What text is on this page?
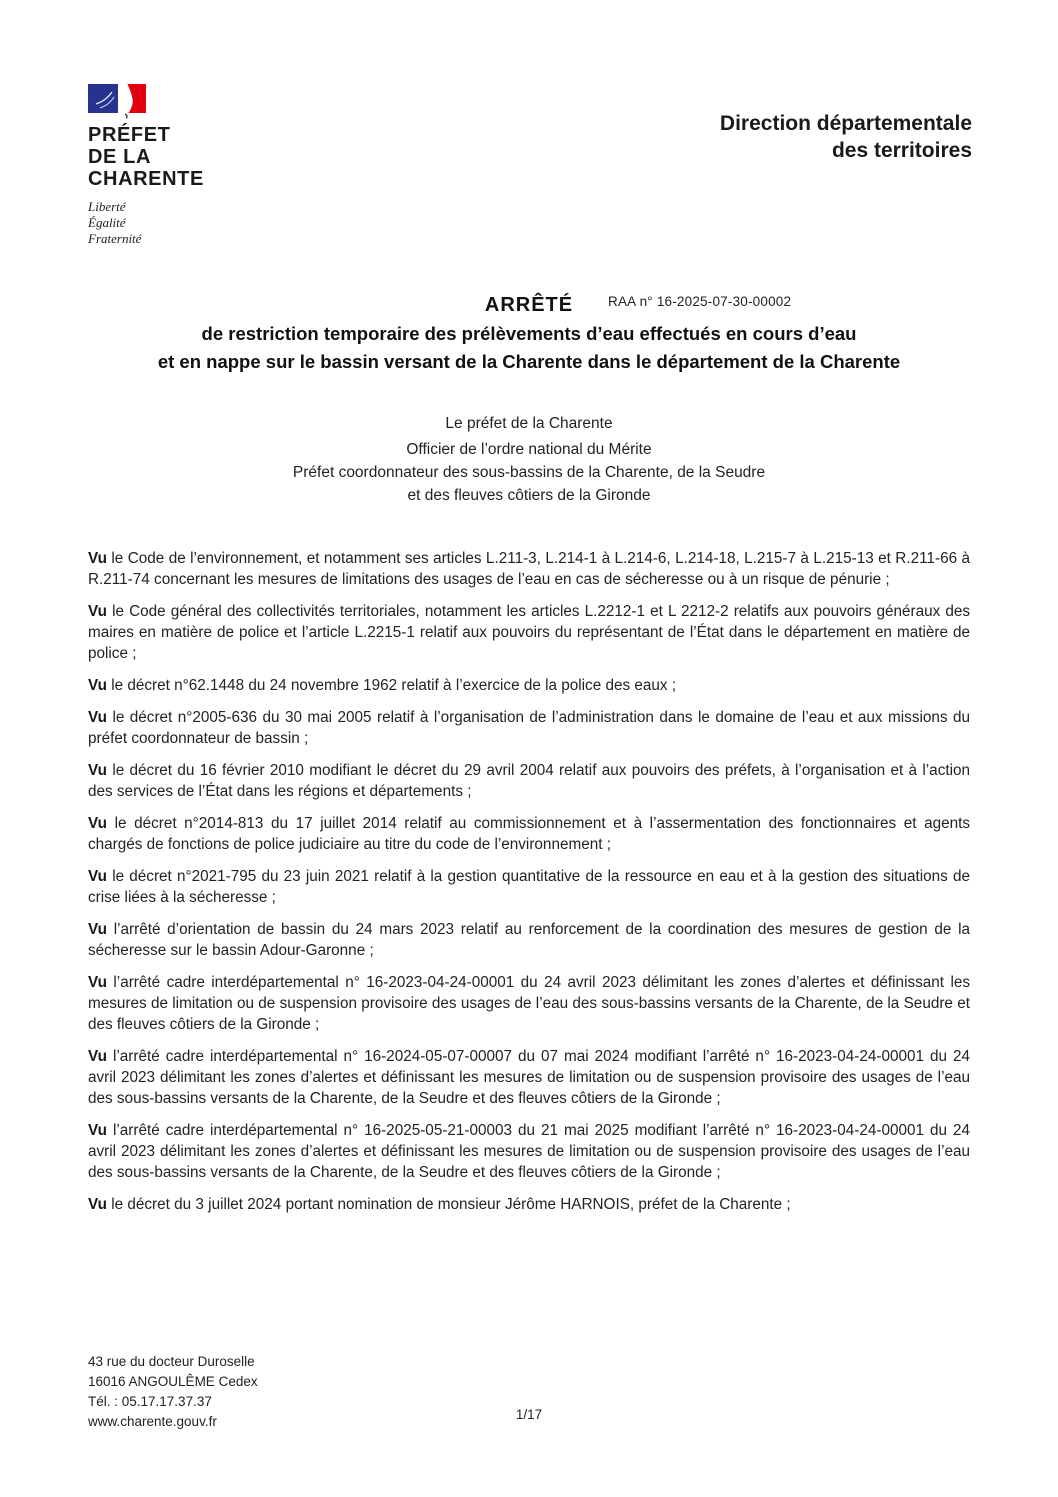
PRÉFET
DE LA
CHARENTE
Liberté
Égalité
Fraternité
Direction départementale
des territoires
ARRÊTÉ	RAA n° 16-2025-07-30-00002

de restriction temporaire des prélèvements d’eau effectués en cours d’eau

et en nappe sur le bassin versant de la Charente dans le département de la Charente

Le préfet de la Charente

Officier de l’ordre national du Mérite

Préfet coordonnateur des sous-bassins de la Charente, de la Seudre

et des fleuves côtiers de la Gironde

Vu le Code de l’environnement, et notamment ses articles L.211-3, L.214-1 à L.214-6, L.214-18, L.215-7 à L.215-13 et R.211-66 à R.211-74 concernant les mesures de limitations des usages de l’eau en cas de sécheresse ou à un risque de pénurie ;

Vu le Code général des collectivités territoriales, notamment les articles L.2212-1 et L 2212-2 relatifs aux pouvoirs généraux des maires en matière de police et l’article L.2215-1 relatif aux pouvoirs du représentant de l’État dans le département en matière de police ;

Vu le décret n°62.1448 du 24 novembre 1962 relatif à l’exercice de la police des eaux ;

Vu le décret n°2005-636 du 30 mai 2005 relatif à l’organisation de l’administration dans le domaine de l’eau et aux missions du préfet coordonnateur de bassin ;

Vu le décret du 16 février 2010 modifiant le décret du 29 avril 2004 relatif aux pouvoirs des préfets, à l’organisation et à l’action des services de l’État dans les régions et départements ;

Vu le décret n°2014-813 du 17 juillet 2014 relatif au commissionnement et à l’assermentation des fonctionnaires et agents chargés de fonctions de police judiciaire au titre du code de l’environnement ;

Vu le décret n°2021-795 du 23 juin 2021 relatif à la gestion quantitative de la ressource en eau et à la gestion des situations de crise liées à la sécheresse ;

Vu l’arrêté d’orientation de bassin du 24 mars 2023 relatif au renforcement de la coordination des mesures de gestion de la sécheresse sur le bassin Adour-Garonne ;

Vu l’arrêté cadre interdépartemental n° 16-2023-04-24-00001 du 24 avril 2023 délimitant les zones d’alertes et définissant les mesures de limitation ou de suspension provisoire des usages de l’eau des sous-bassins versants de la Charente, de la Seudre et des fleuves côtiers de la Gironde ;

Vu l’arrêté cadre interdépartemental n° 16-2024-05-07-00007 du 07 mai 2024 modifiant l’arrêté n° 16-2023-04-24-00001 du 24 avril 2023 délimitant les zones d’alertes et définissant les mesures de limitation ou de suspension provisoire des usages de l’eau des sous-bassins versants de la Charente, de la Seudre et des fleuves côtiers de la Gironde ;

Vu l’arrêté cadre interdépartemental n° 16-2025-05-21-00003 du 21 mai 2025 modifiant l’arrêté n° 16-2023-04-24-00001 du 24 avril 2023 délimitant les zones d’alertes et définissant les mesures de limitation ou de suspension provisoire des usages de l’eau des sous-bassins versants de la Charente, de la Seudre et des fleuves côtiers de la Gironde ;

Vu le décret du 3 juillet 2024 portant nomination de monsieur Jérôme HARNOIS, préfet de la Charente ;

43 rue du docteur Duroselle

16016 ANGOULÊME Cedex

Tél. : 05.17.17.37.37

www.charente.gouv.fr	1/17
